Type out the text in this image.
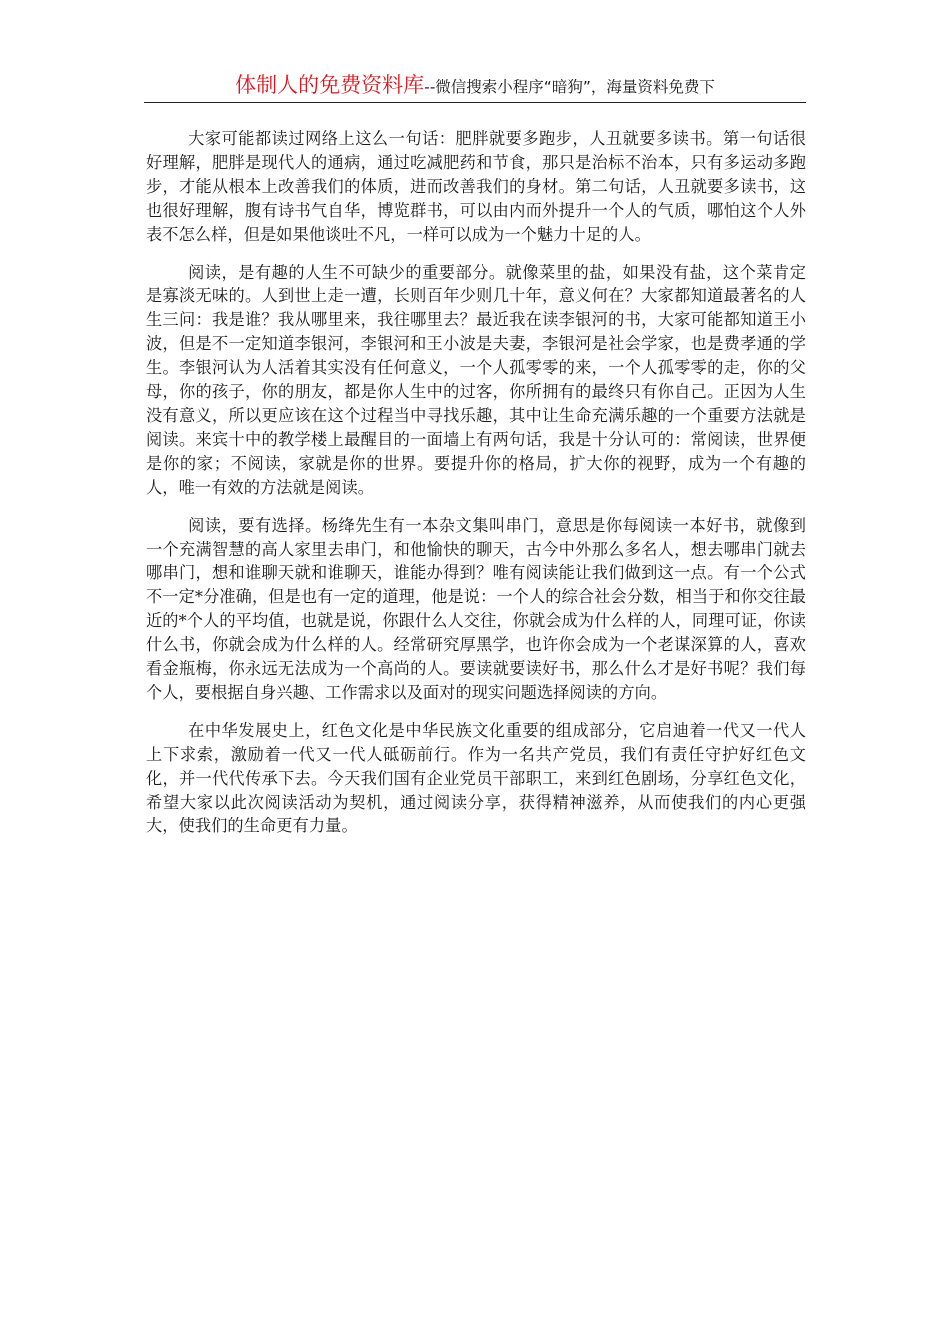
体制人的免费资料库--微信搜索小程序“暗狗”，海量资料免费下

大家可能都读过网络上这么一句话：肥胖就要多跑步，人丑就要多读书。第一句话很好理解，肥胖是现代人的通病，通过吃减肥药和节食，那只是治标不治本，只有多运动多跑步，才能从根本上改善我们的体质，进而改善我们的身材。第二句话，人丑就要多读书，这也很好理解，腹有诗书气自华，博览群书，可以由内而外提升一个人的气质，哪怕这个人外表不怎么样，但是如果他谈吐不凡，一样可以成为一个魅力十足的人。

阅读，是有趣的人生不可缺少的重要部分。就像菜里的盐，如果没有盐，这个菜肯定是寡淡无味的。人到世上走一遭，长则百年少则几十年，意义何在？大家都知道最著名的人生三问：我是谁？我从哪里来，我往哪里去？最近我在读李银河的书，大家可能都知道王小波，但是不一定知道李银河，李银河和王小波是夫妻，李银河是社会学家，也是费孝通的学生。李银河认为人活着其实没有任何意义，一个人孤零零的来，一个人孤零零的走，你的父母，你的孩子，你的朋友，都是你人生中的过客，你所拥有的最终只有你自己。正因为人生没有意义，所以更应该在这个过程当中寻找乐趣，其中让生命充满乐趣的一个重要方法就是阅读。来宾十中的教学楼上最醒目的一面墙上有两句话，我是十分认可的：常阅读，世界便是你的家；不阅读，家就是你的世界。要提升你的格局，扩大你的视野，成为一个有趣的人，唯一有效的方法就是阅读。

阅读，要有选择。杨绛先生有一本杂文集叫串门，意思是你每阅读一本好书，就像到一个充满智慧的高人家里去串门，和他愉快的聊天，古今中外那么多名人，想去哪串门就去哪串门，想和谁聊天就和谁聊天，谁能办得到？唯有阅读能让我们做到这一点。有一个公式不一定*分准确，但是也有一定的道理，他是说：一个人的综合社会分数，相当于和你交往最近的*个人的平均值，也就是说，你跟什么人交往，你就会成为什么样的人，同理可证，你读什么书，你就会成为什么样的人。经常研究厚黑学，也许你会成为一个老谋深算的人，喜欢看金瓶梅，你永远无法成为一个高尚的人。要读就要读好书，那么什么才是好书呢？我们每个人，要根据自身兴趣、工作需求以及面对的现实问题选择阅读的方向。

在中华发展史上，红色文化是中华民族文化重要的组成部分，它启迪着一代又一代人上下求索，激励着一代又一代人砥砺前行。作为一名共产党员，我们有责任守护好红色文化，并一代代传承下去。今天我们国有企业党员干部职工，来到红色剧场，分享红色文化，希望大家以此次阅读活动为契机，通过阅读分享，获得精神滋养，从而使我们的内心更强大，使我们的生命更有力量。
